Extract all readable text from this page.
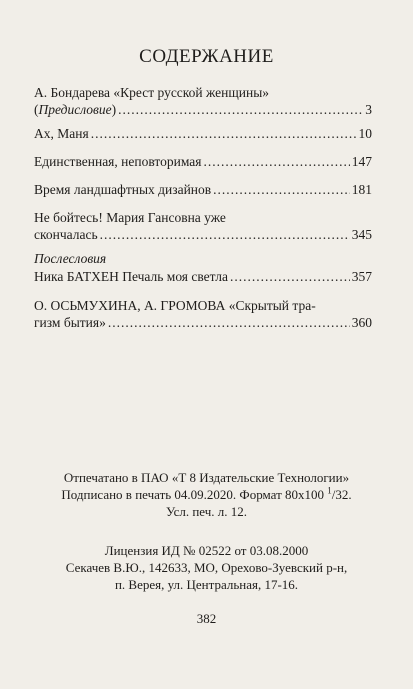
СОДЕРЖАНИЕ
А. Бондарева «Крест русской женщины»
(Предисловие) .....	3
Ах, Маня .....	10
Единственная, неповторимая .....	147
Время ландшафтных дизайнов .....	181
Не бойтесь! Мария Гансовна уже
скончалась .....	345
Послесловия
Ника БАТХЕН Печаль моя светла .....	357
О. ОСЬМУХИНА, А. ГРОМОВА «Скрытый тра-
гизм бытия» .....	360
Отпечатано в ПАО «Т 8 Издательские Технологии»
Подписано в печать 04.09.2020. Формат 80х100 $^1$/32.
Усл. печ. л. 12.
Лицензия ИД № 02522 от 03.08.2000
Секачев В.Ю., 142633, МО, Орехово-Зуевский р-н,
п. Верея, ул. Центральная, 17-16.
382
